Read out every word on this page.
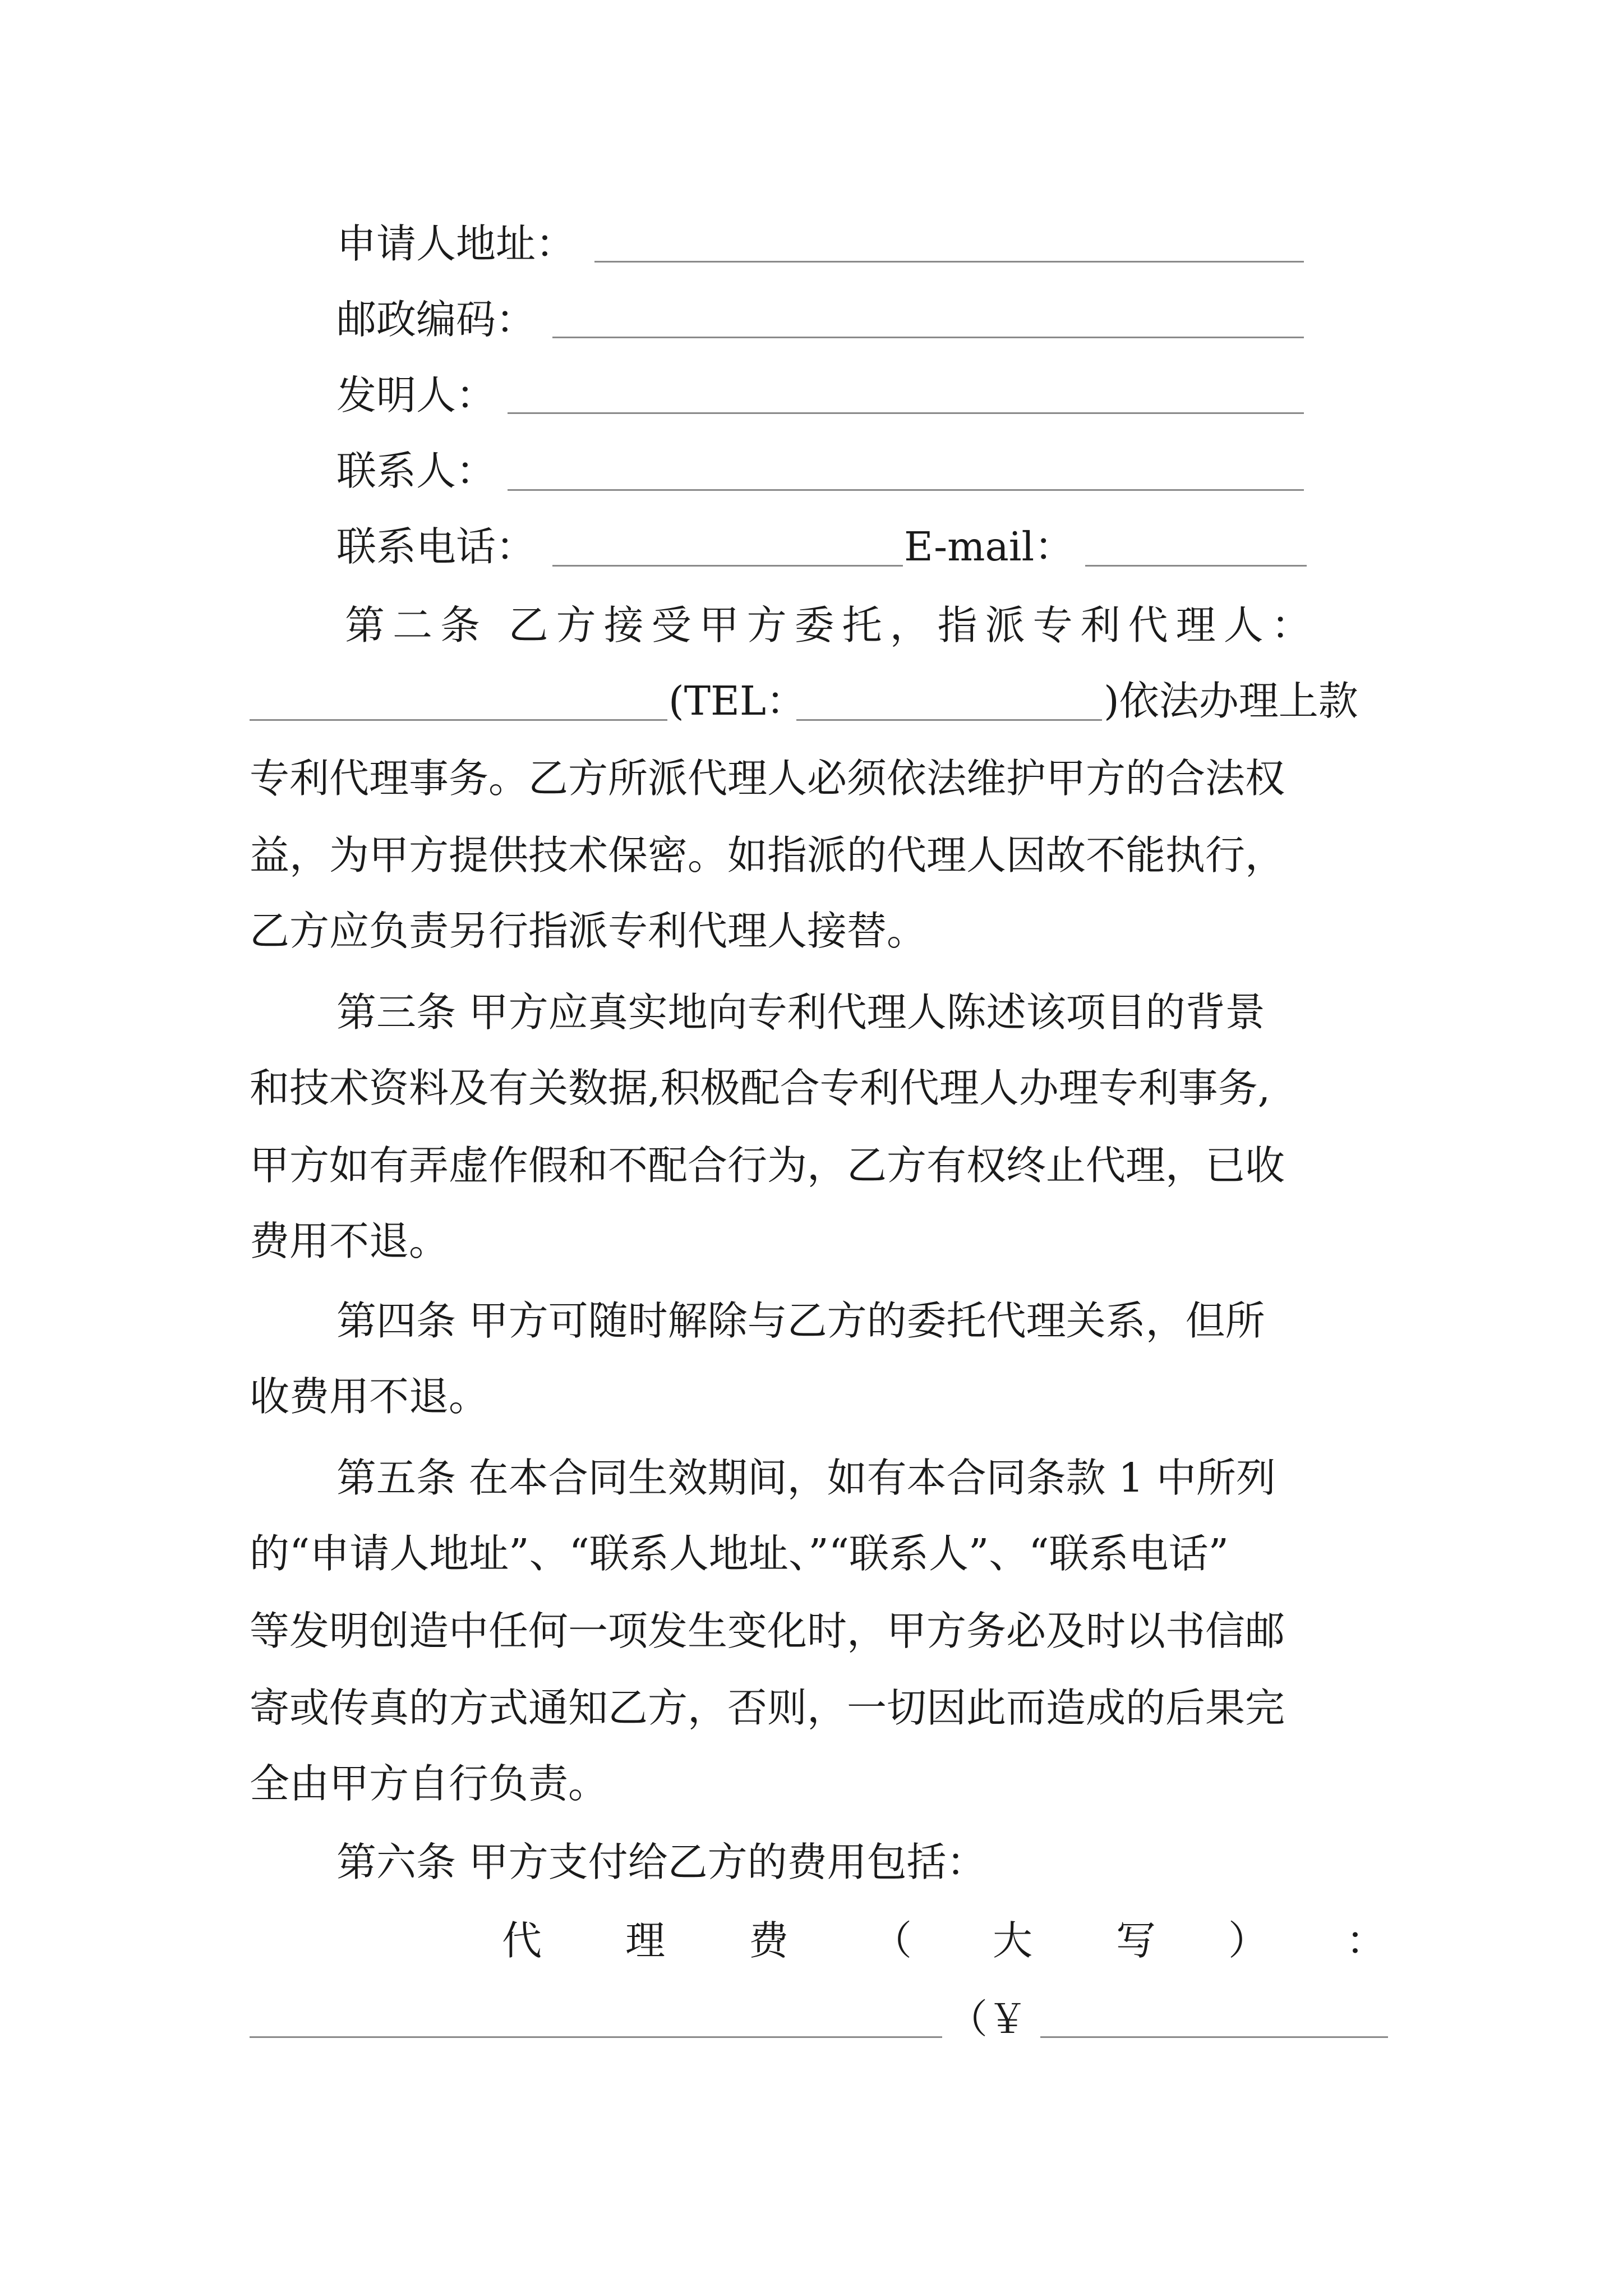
申请人地址：
邮政编码：
发明人：
联系人：
联系电话：	E-mail：
第二条 乙方接受甲方委托，指派专利代理人：
(TEL：	)依法办理上款
专利代理事务。乙方所派代理人必须依法维护甲方的合法权
益，为甲方提供技术保密。如指派的代理人因故不能执行，
乙方应负责另行指派专利代理人接替。
第三条 甲方应真实地向专利代理人陈述该项目的背景
和技术资料及有关数据,积极配合专利代理人办理专利事务,
甲方如有弄虚作假和不配合行为，乙方有权终止代理，已收
费用不退。
第四条 甲方可随时解除与乙方的委托代理关系，但所
收费用不退。
第五条 在本合同生效期间，如有本合同条款 1 中所列
的“申请人地址”、“联系人地址、”“联系人”、“联系电话”
等发明创造中任何一项发生变化时，甲方务必及时以书信邮
寄或传真的方式通知乙方，否则，一切因此而造成的后果完
全由甲方自行负责。
第六条 甲方支付给乙方的费用包括：
代 理 费 （ 大 写 ） ：
（￥
